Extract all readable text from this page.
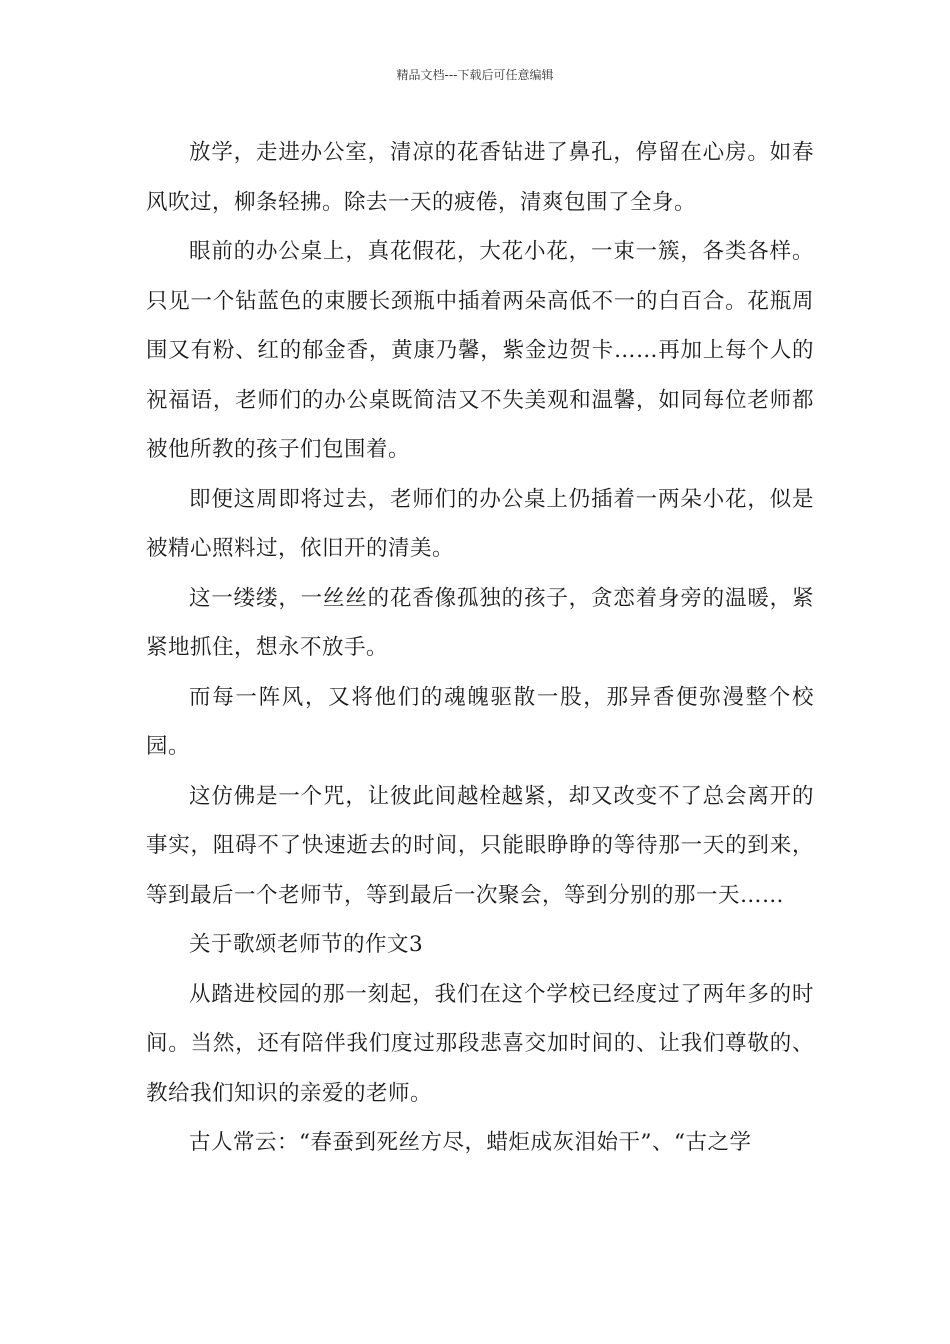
精品文档---下载后可任意编辑

放学，走进办公室，清凉的花香钻进了鼻孔，停留在心房。如春风吹过，柳条轻拂。除去一天的疲倦，清爽包围了全身。

眼前的办公桌上，真花假花，大花小花，一束一簇，各类各样。只见一个钻蓝色的束腰长颈瓶中插着两朵高低不一的白百合。花瓶周围又有粉、红的郁金香，黄康乃馨，紫金边贺卡……再加上每个人的祝福语，老师们的办公桌既简洁又不失美观和温馨，如同每位老师都被他所教的孩子们包围着。

即便这周即将过去，老师们的办公桌上仍插着一两朵小花，似是被精心照料过，依旧开的清美。

这一缕缕，一丝丝的花香像孤独的孩子，贪恋着身旁的温暖，紧紧地抓住，想永不放手。

而每一阵风，又将他们的魂魄驱散一股，那异香便弥漫整个校园。

这仿佛是一个咒，让彼此间越栓越紧，却又改变不了总会离开的事实，阻碍不了快速逝去的时间，只能眼睁睁的等待那一天的到来，等到最后一个老师节，等到最后一次聚会，等到分别的那一天……

关于歌颂老师节的作文3

从踏进校园的那一刻起，我们在这个学校已经度过了两年多的时间。当然，还有陪伴我们度过那段悲喜交加时间的、让我们尊敬的、教给我们知识的亲爱的老师。

古人常云：“春蚕到死丝方尽，蜡炬成灰泪始干”、“古之学
